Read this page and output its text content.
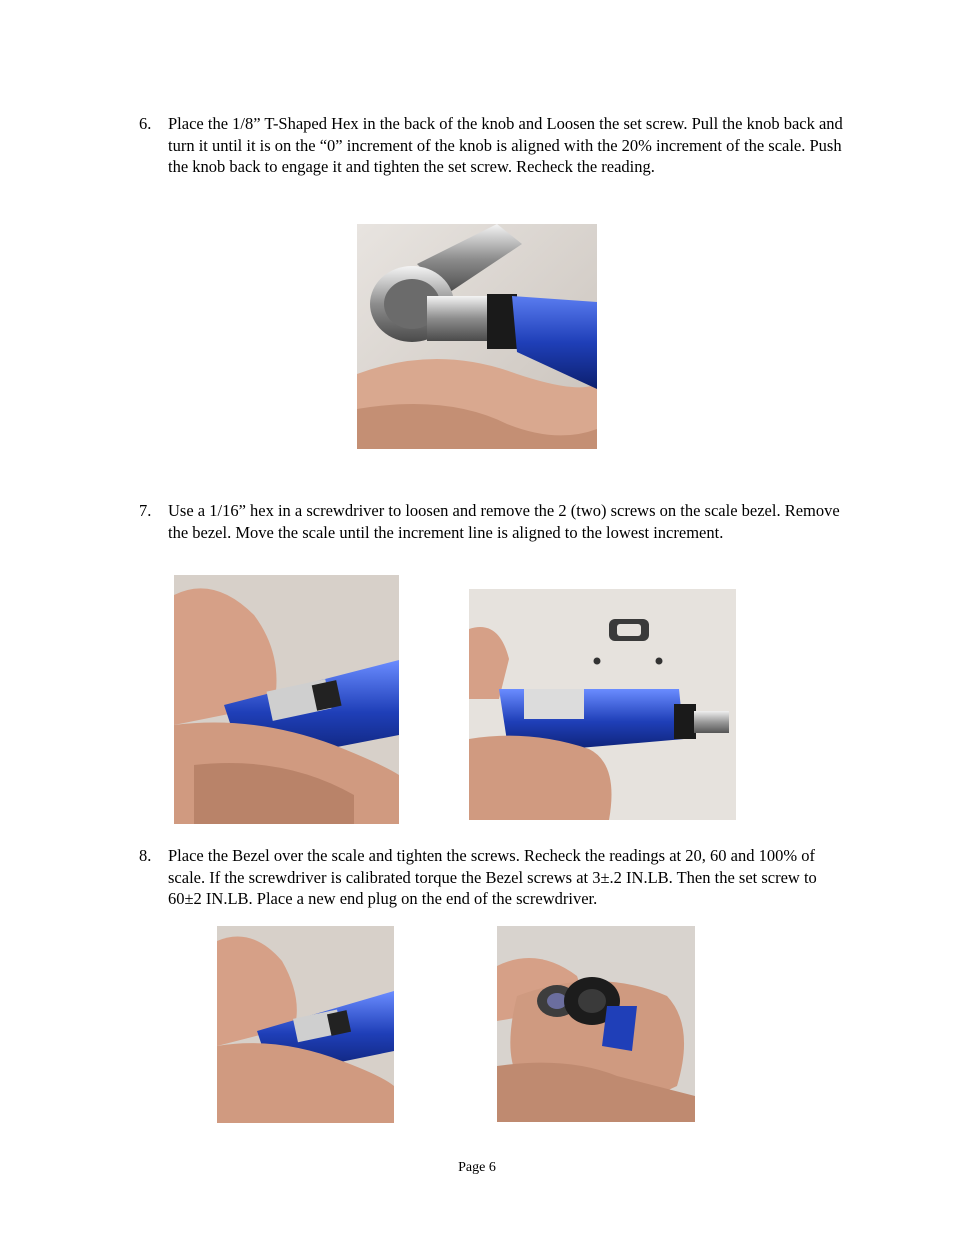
6.	Place the 1/8” T-Shaped Hex in the back of the knob and Loosen the set screw. Pull the knob back and turn it until it is on the “0” increment of the knob is aligned with the 20% increment of the scale. Push the knob back to engage it and tighten the set screw. Recheck the reading.
7.	Use a 1/16” hex in a screwdriver to loosen and remove the 2 (two) screws on the scale bezel. Remove the bezel. Move the scale until the increment line is aligned to the lowest increment.
8.	Place the Bezel over the scale and tighten the screws. Recheck the readings at 20, 60 and 100% of scale. If the screwdriver is calibrated torque the Bezel screws at 3±.2 IN.LB. Then the set screw to 60±2 IN.LB. Place a new end plug on the end of the screwdriver.
Page 6
